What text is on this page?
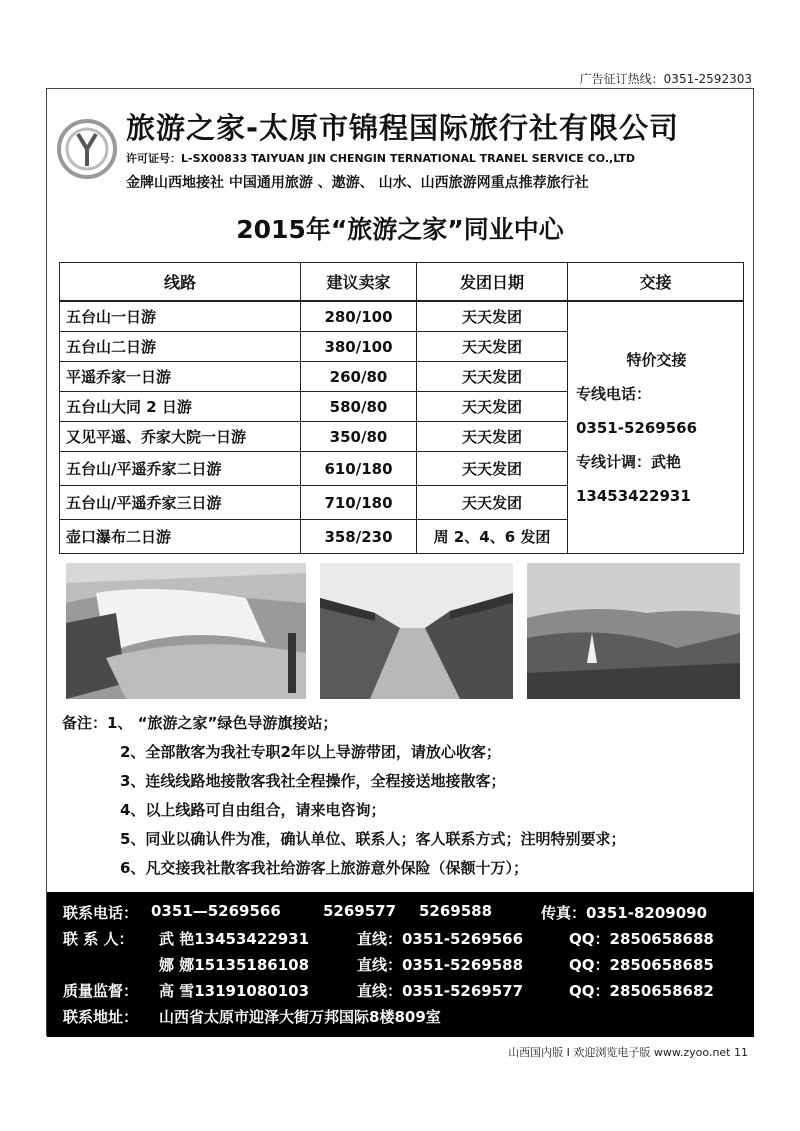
广告征订热线：0351-2592303
旅游之家-太原市锦程国际旅行社有限公司
许可证号：L-SX00833 TAIYUAN JIN CHENGIN TERNATIONAL TRANEL SERVICE CO.,LTD
金牌山西地接社 中国通用旅游 、遨游、 山水、山西旅游网重点推荐旅行社
2015年“旅游之家”同业中心
线路	建议卖家	发团日期	交接
五台山一日游	280/100	天天发团	特价交接
专线电话：
0351-5269566
专线计调：武艳
13453422931

五台山二日游	380/100	天天发团	
平遥乔家一日游	260/80	天天发团	
五台山大同 2 日游	580/80	天天发团	
又见平遥、乔家大院一日游	350/80	天天发团	
五台山/平遥乔家二日游	610/180	天天发团	
五台山/平遥乔家三日游	710/180	天天发团	
壶口瀑布二日游	358/230	周 2、4、6 发团	
备注：1、 “旅游之家”绿色导游旗接站；
2、全部散客为我社专职2年以上导游带团，请放心收客；
3、连线线路地接散客我社全程操作，全程接送地接散客；
4、以上线路可自由组合，请来电咨询；
5、同业以确认件为准，确认单位、联系人；客人联系方式；注明特别要求；
6、凡交接我社散客我社给游客上旅游意外保险（保额十万）；
联系电话： 0351—5269566	5269577 5269588	传真：0351-8209090
联 系 人： 武 艳13453422931	直线：0351-5269566	QQ：2850658688
娜 娜15135186108	直线：0351-5269588	QQ：2850658685
质量监督： 高 雪13191080103	直线：0351-5269577	QQ：2850658682
联系地址： 山西省太原市迎泽大街万邦国际8楼809室
山西国内版 I 欢迎浏览电子版 www.zyoo.net 11
